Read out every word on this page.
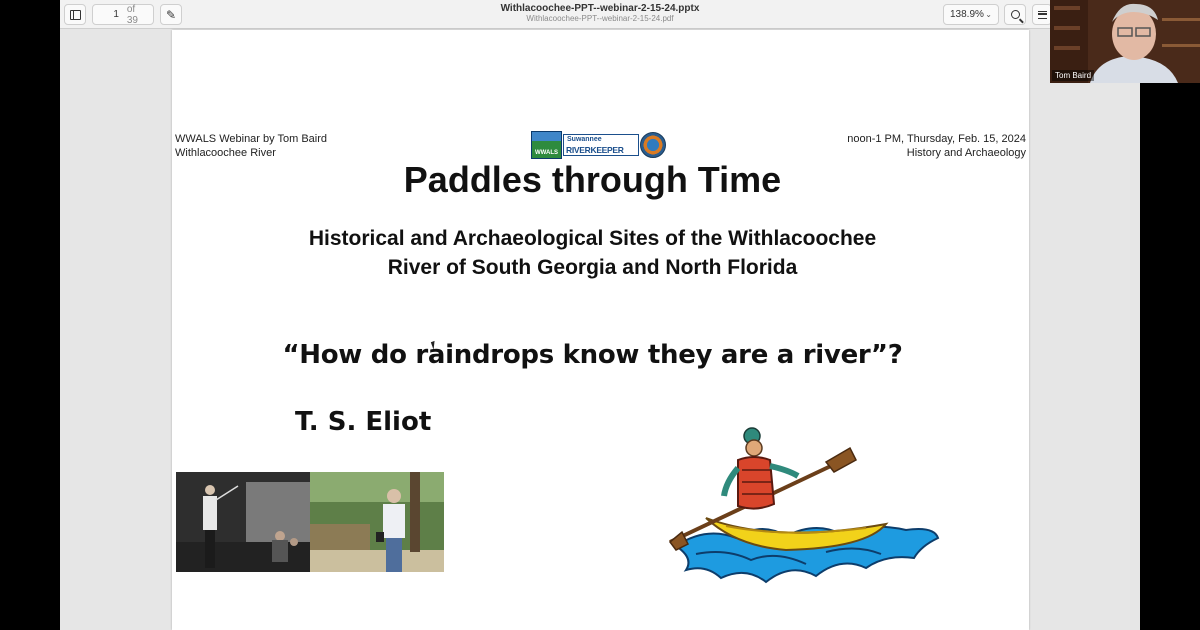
1 of 39	✎	Withlacoochee-PPT--webinar-2-15-24.pptx
Withlacoochee-PPT--webinar-2-15-24.pdf	138.9% ⌄
WWALS Webinar by Tom Baird
Withlacoochee River	WWALS
Suwannee
RIVERKEEPER
noon-1 PM, Thursday, Feb. 15, 2024
History and Archaeology
Paddles through Time
Historical and Archaeological Sites of the Withlacoochee
River of South Georgia and North Florida
“How do raindrops know they are a river”?
T. S. Eliot
Tom Baird
